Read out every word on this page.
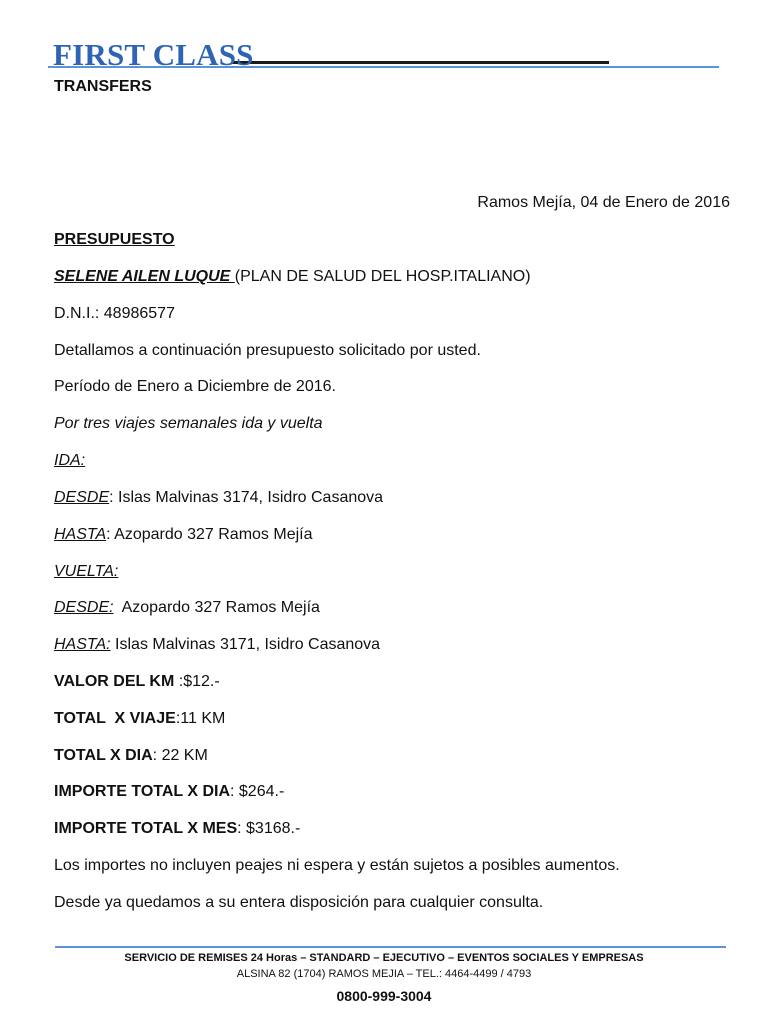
FIRST CLASS
TRANSFERS
Ramos Mejía, 04 de Enero de 2016
PRESUPUESTO
SELENE AILEN LUQUE (PLAN DE SALUD DEL HOSP.ITALIANO)
D.N.I.: 48986577
Detallamos a continuación presupuesto solicitado por usted.
Período de Enero a Diciembre de 2016.
Por tres viajes semanales ida y vuelta
IDA:
DESDE: Islas Malvinas 3174, Isidro Casanova
HASTA: Azopardo 327 Ramos Mejía
VUELTA:
DESDE:  Azopardo 327 Ramos Mejía
HASTA: Islas Malvinas 3171, Isidro Casanova
VALOR DEL KM :$12.-
TOTAL  X VIAJE:11 KM
TOTAL X DIA: 22 KM
IMPORTE TOTAL X DIA: $264.-
IMPORTE TOTAL X MES: $3168.-
Los importes no incluyen peajes ni espera y están sujetos a posibles aumentos.
Desde ya quedamos a su entera disposición para cualquier consulta.
SERVICIO DE REMISES 24 Horas – STANDARD – EJECUTIVO – EVENTOS SOCIALES Y EMPRESAS
ALSINA 82 (1704) RAMOS MEJIA – TEL.: 4464-4499 / 4793
0800-999-3004
